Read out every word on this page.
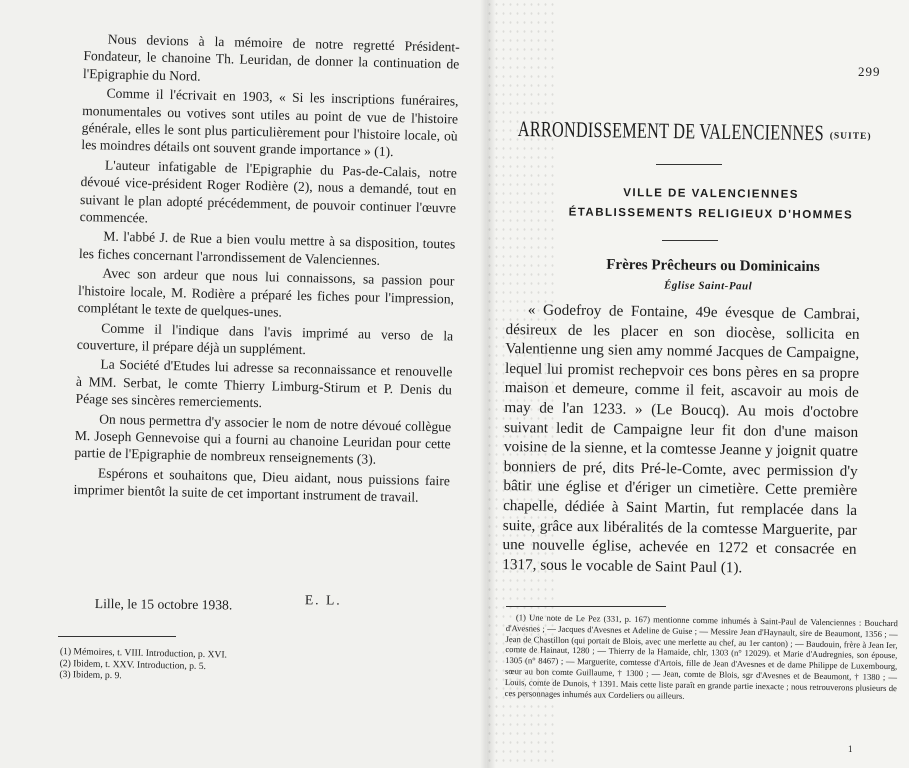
Nous devions à la mémoire de notre regretté Président-Fondateur, le chanoine Th. Leuridan, de donner la continuation de l'Epigraphie du Nord.

Comme il l'écrivait en 1903, « Si les inscriptions funéraires, monumentales ou votives sont utiles au point de vue de l'histoire générale, elles le sont plus particulièrement pour l'histoire locale, où les moindres détails ont souvent grande importance » (1).

L'auteur infatigable de l'Epigraphie du Pas-de-Calais, notre dévoué vice-président Roger Rodière (2), nous a demandé, tout en suivant le plan adopté précédemment, de pouvoir continuer l'œuvre commencée.

M. l'abbé J. de Rue a bien voulu mettre à sa disposition, toutes les fiches concernant l'arrondissement de Valenciennes.

Avec son ardeur que nous lui connaissons, sa passion pour l'histoire locale, M. Rodière a préparé les fiches pour l'impression, complétant le texte de quelques-unes.

Comme il l'indique dans l'avis imprimé au verso de la couverture, il prépare déjà un supplément.

La Société d'Etudes lui adresse sa reconnaissance et renouvelle à MM. Serbat, le comte Thierry Limburg-Stirum et P. Denis du Péage ses sincères remerciements.

On nous permettra d'y associer le nom de notre dévoué collègue M. Joseph Gennevoise qui a fourni au chanoine Leuridan pour cette partie de l'Epigraphie de nombreux renseignements (3).

Espérons et souhaitons que, Dieu aidant, nous puissions faire imprimer bientôt la suite de cet important instrument de travail.

Lille, le 15 octobre 1938.	E. L.
(1) Mémoires, t. VIII. Introduction, p. XVI.
(2) Ibidem, t. XXV. Introduction, p. 5.
(3) Ibidem, p. 9.
299
ARRONDISSEMENT DE VALENCIENNES (SUITE)
VILLE DE VALENCIENNES
ÉTABLISSEMENTS RELIGIEUX D'HOMMES
Frères Prêcheurs ou Dominicains
Église Saint-Paul

« Godefroy de Fontaine, 49e évesque de Cambrai, désireux de les placer en son diocèse, sollicita en Valentienne ung sien amy nommé Jacques de Campaigne, lequel lui promist rechepvoir ces bons pères en sa propre maison et demeure, comme il feit, ascavoir au mois de may de l'an 1233. » (Le Boucq). Au mois d'octobre suivant ledit de Campaigne leur fit don d'une maison voisine de la sienne, et la comtesse Jeanne y joignit quatre bonniers de pré, dits Pré-le-Comte, avec permission d'y bâtir une église et d'ériger un cimetière. Cette première chapelle, dédiée à Saint Martin, fut remplacée dans la suite, grâce aux libéralités de la comtesse Marguerite, par une nouvelle église, achevée en 1272 et consacrée en 1317, sous le vocable de Saint Paul (1).

(1) Une note de Le Pez (331, p. 167) mentionne comme inhumés à Saint-Paul de Valenciennes : Bouchard d'Avesnes ; — Jacques d'Avesnes et Adeline de Guise ; — Messire Jean d'Haynault, sire de Beaumont, 1356 ; — Jean de Chastillon (qui portait de Blois, avec une merlette au chef, au 1er canton) ; — Baudouin, frère à Jean Ier, comte de Hainaut, 1280 ; — Thierry de la Hamaide, chlr, 1303 (n° 12029). et Marie d'Audregnies, son épouse, 1305 (n° 8467) ; — Marguerite, comtesse d'Artois, fille de Jean d'Avesnes et de dame Philippe de Luxembourg, sœur au bon comte Guillaume, † 1300 ; — Jean, comte de Blois, sgr d'Avesnes et de Beaumont, † 1380 ; — Louis, comte de Dunois, † 1391. Mais cette liste paraît en grande partie inexacte ; nous retrouverons plusieurs de ces personnages inhumés aux Cordeliers ou ailleurs.

1
